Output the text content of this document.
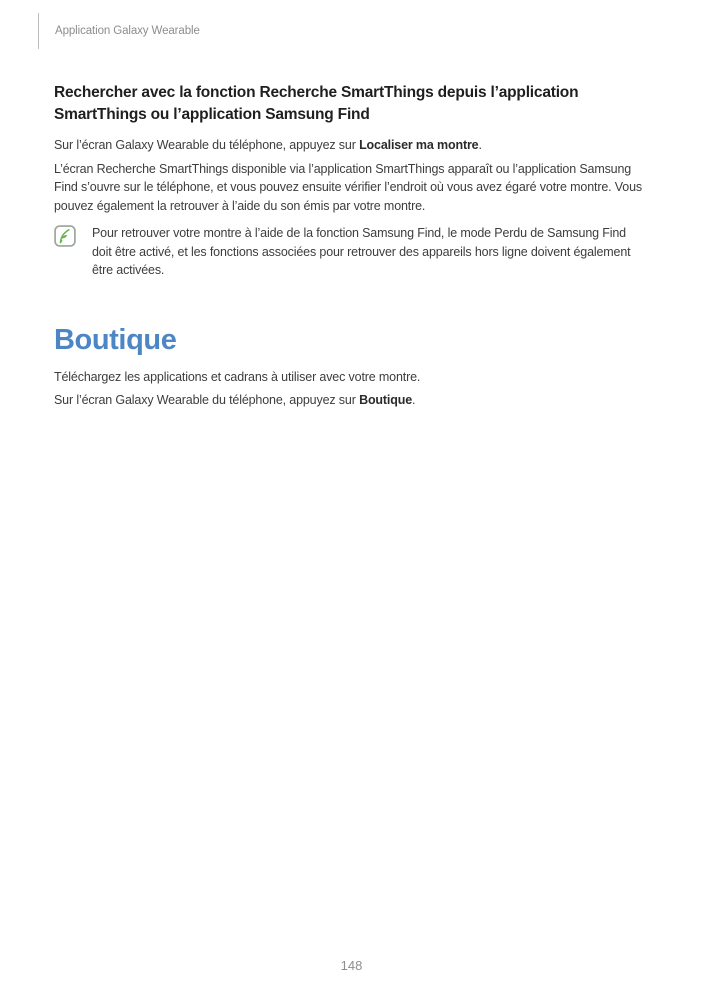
Application Galaxy Wearable
Rechercher avec la fonction Recherche SmartThings depuis l’application SmartThings ou l’application Samsung Find

Sur l’écran Galaxy Wearable du téléphone, appuyez sur Localiser ma montre.

L’écran Recherche SmartThings disponible via l’application SmartThings apparaît ou l’application Samsung Find s’ouvre sur le téléphone, et vous pouvez ensuite vérifier l’endroit où vous avez égaré votre montre. Vous pouvez également la retrouver à l’aide du son émis par votre montre.

Pour retrouver votre montre à l’aide de la fonction Samsung Find, le mode Perdu de Samsung Find doit être activé, et les fonctions associées pour retrouver des appareils hors ligne doivent également être activées.

Boutique

Téléchargez les applications et cadrans à utiliser avec votre montre.

Sur l’écran Galaxy Wearable du téléphone, appuyez sur Boutique.

148
